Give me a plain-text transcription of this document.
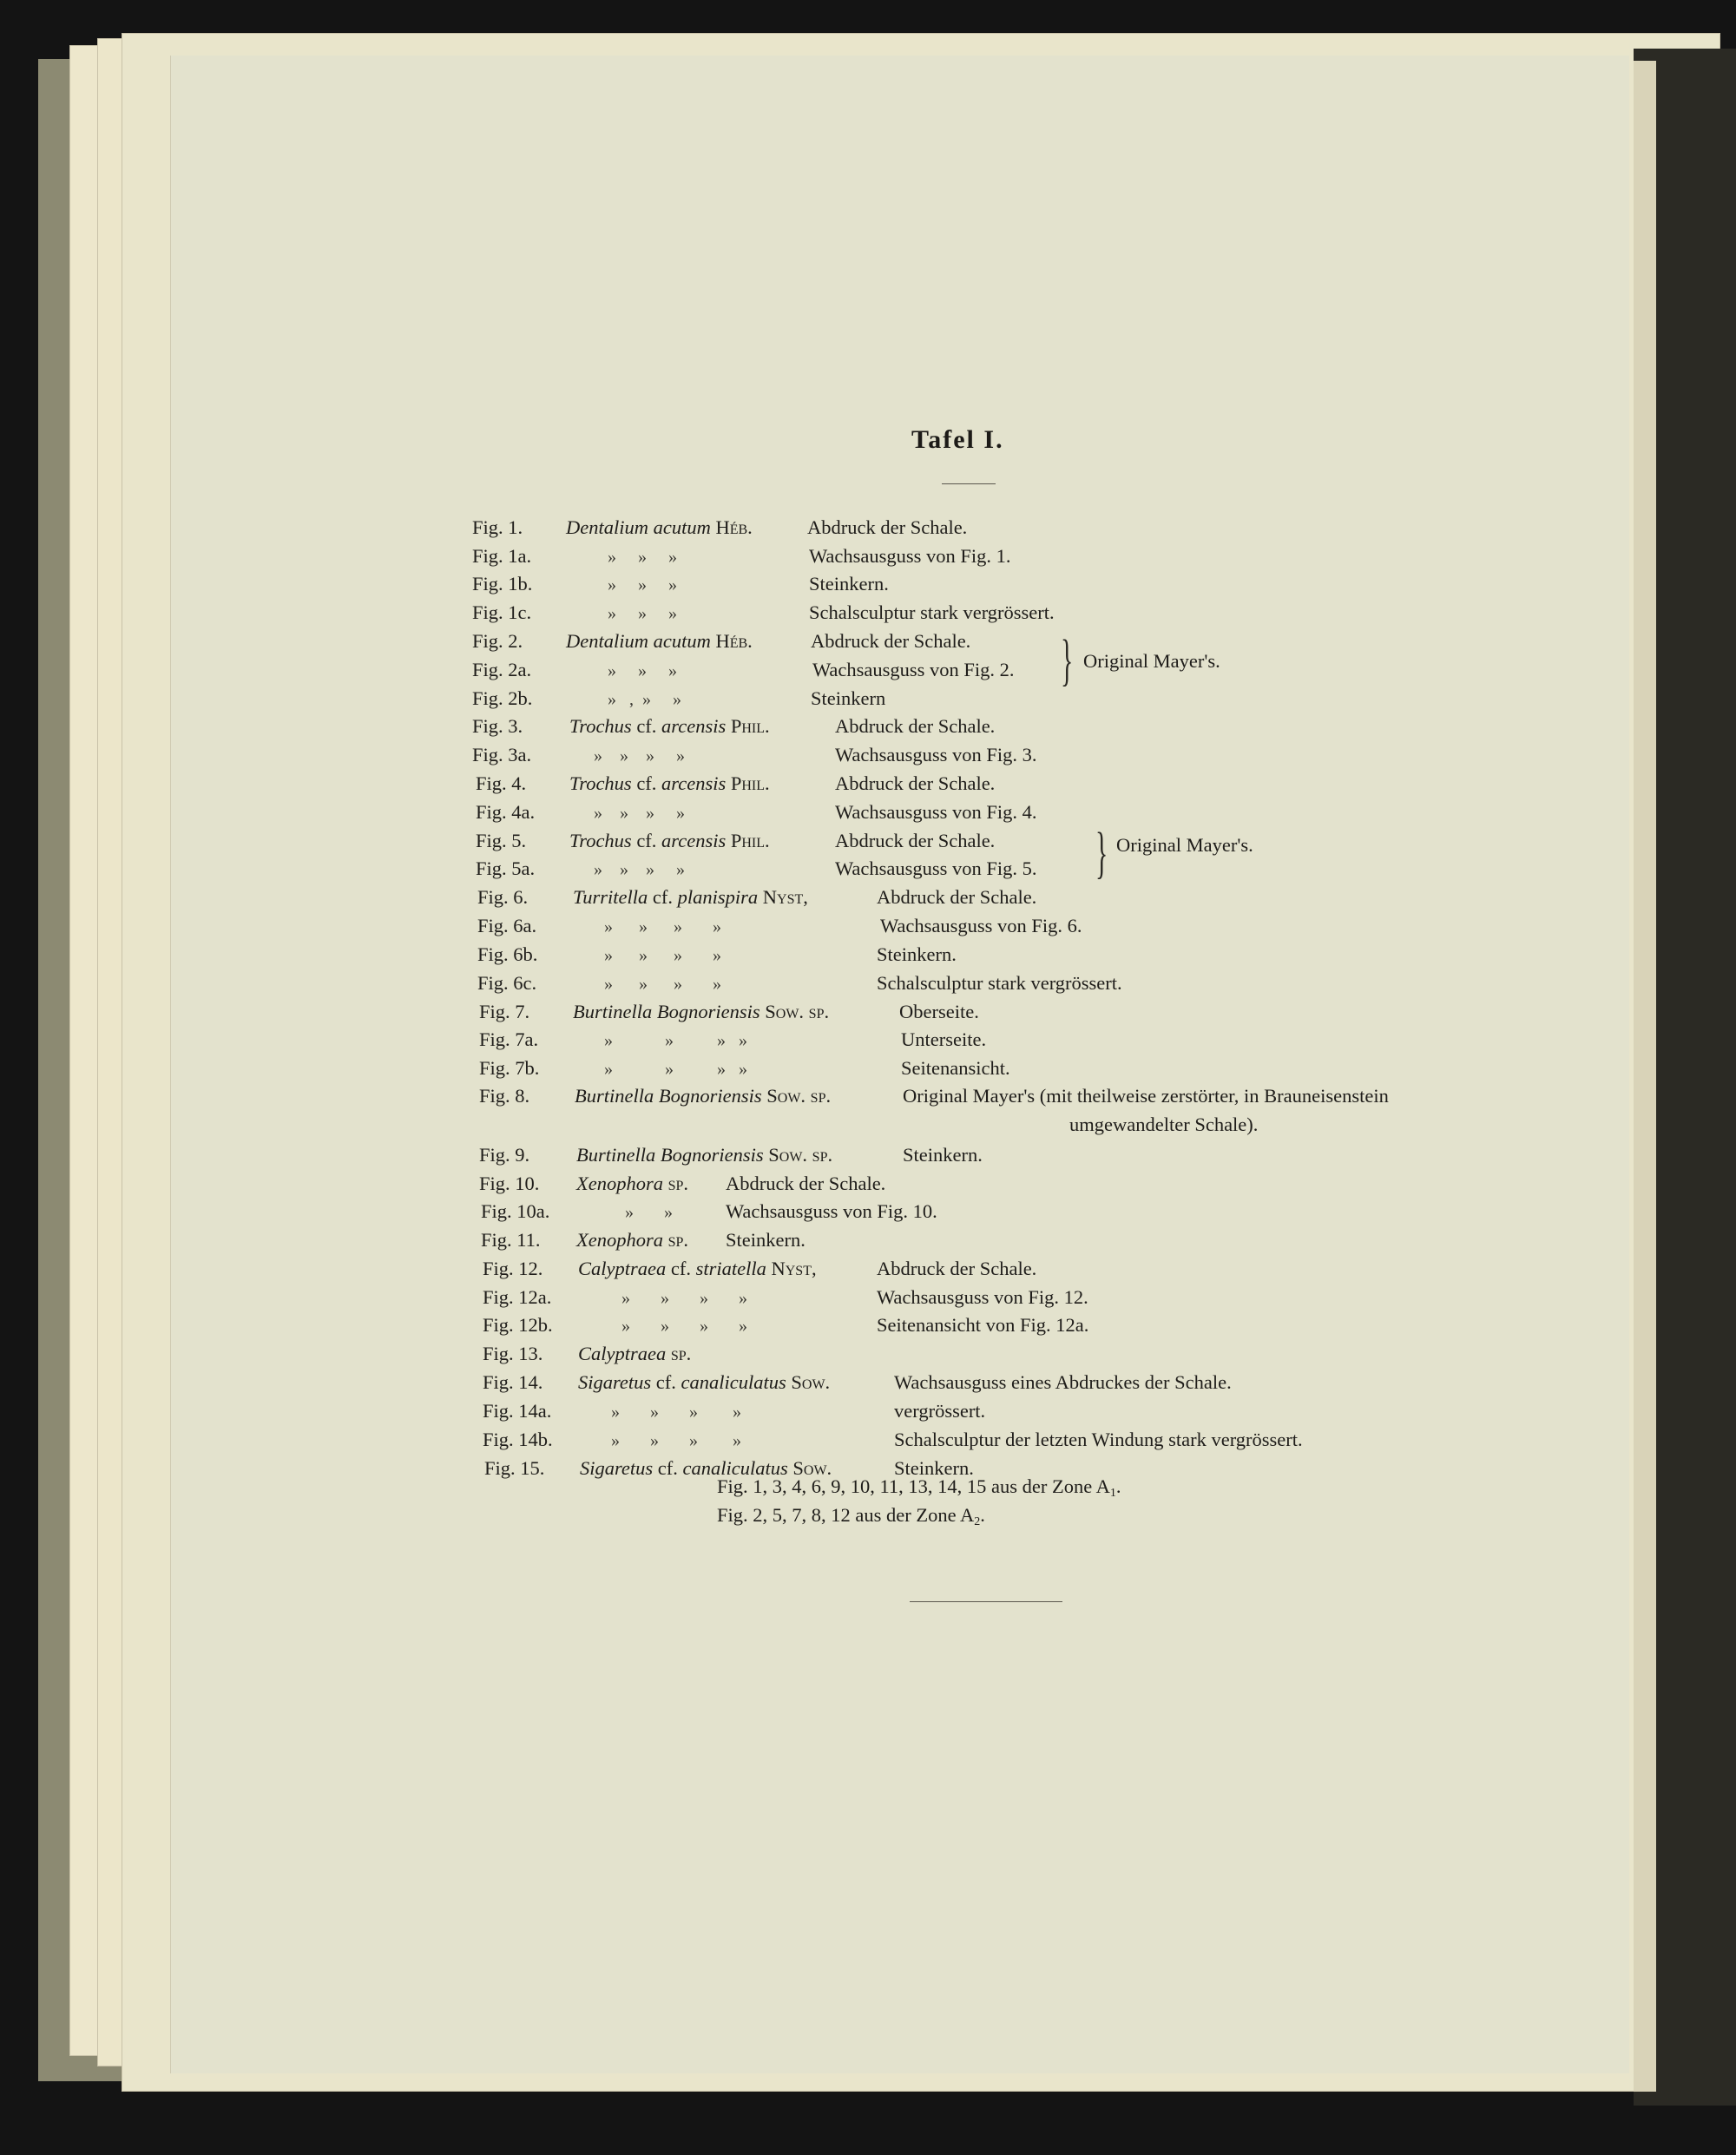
Tafel I.
Fig. 1. Dentalium acutum Héb.	Abdruck der Schale.
Fig. 1a.	»     »     »	Wachsausguss von Fig. 1.
Fig. 1b.	»     »     »	Steinkern.
Fig. 1c.	»     »     »	Schalsculptur stark vergrössert.
Fig. 2. Dentalium acutum Héb.	Abdruck der Schale.
Fig. 2a.	»     »     »	Wachsausguss von Fig. 2.
Fig. 2b.	»   ,  »     »	Steinkern
Fig. 3. Trochus cf. arcensis Phil.	Abdruck der Schale.
Fig. 3a.	»    »    »     »	Wachsausguss von Fig. 3.
Fig. 4. Trochus cf. arcensis Phil.	Abdruck der Schale.
Fig. 4a.	»    »    »     »	Wachsausguss von Fig. 4.
Fig. 5. Trochus cf. arcensis Phil.	Abdruck der Schale.
Fig. 5a.	»    »    »     »	Wachsausguss von Fig. 5.
Fig. 6. Turritella cf. planispira Nyst,	Abdruck der Schale.
Fig. 6a.	»      »      »       »	Wachsausguss von Fig. 6.
Fig. 6b.	»      »      »       »	Steinkern.
Fig. 6c.	»      »      »       »	Schalsculptur stark vergrössert.
Fig. 7. Burtinella Bognoriensis Sow. sp.	Oberseite.
Fig. 7a.	»            »          »   »	Unterseite.
Fig. 7b.	»            »          »   »	Seitenansicht.
Fig. 8. Burtinella Bognoriensis Sow. sp.	Original Mayer's (mit theilweise zerstörter, in Brauneisenstein
umgewandelter Schale).
Fig. 9. Burtinella Bognoriensis Sow. sp.	Steinkern.
Fig. 10. Xenophora sp. Abdruck der Schale.
Fig. 10a.	»       »	Wachsausguss von Fig. 10.
Fig. 11. Xenophora sp. Steinkern.
Fig. 12. Calyptraea cf. striatella Nyst,	Abdruck der Schale.
Fig. 12a.	»       »       »       »	Wachsausguss von Fig. 12.
Fig. 12b.	»       »       »       »	Seitenansicht von Fig. 12a.
Fig. 13. Calyptraea sp.
Fig. 14. Sigaretus cf. canaliculatus Sow.	Wachsausguss eines Abdruckes der Schale.
Fig. 14a.	»       »       »        »	vergrössert.
Fig. 14b.	»       »       »        »	Schalsculptur der letzten Windung stark vergrössert.
Fig. 15. Sigaretus cf. canaliculatus Sow.	Steinkern.
} Original Mayer's.
} Original Mayer's.
Fig. 1, 3, 4, 6, 9, 10, 11, 13, 14, 15 aus der Zone $A_1$.
Fig. 2, 5, 7, 8, 12 aus der Zone $A_2$.
